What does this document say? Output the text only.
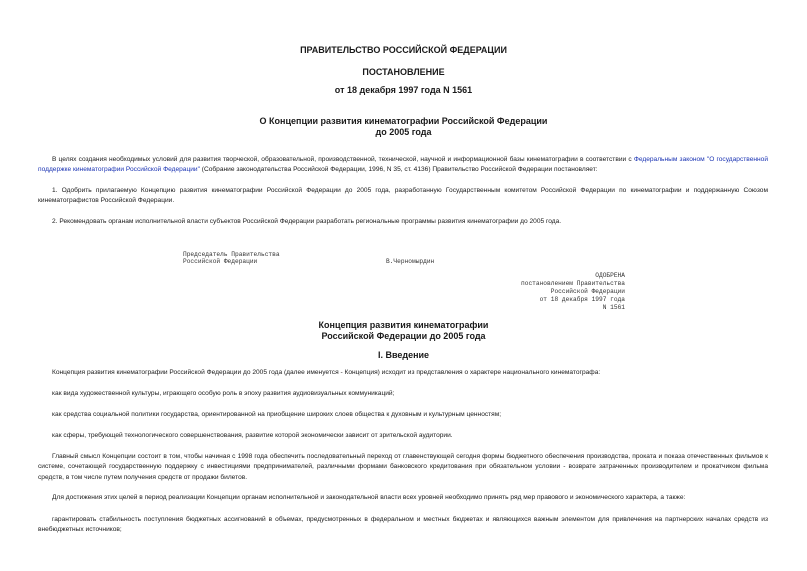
ПРАВИТЕЛЬСТВО РОССИЙСКОЙ ФЕДЕРАЦИИ
ПОСТАНОВЛЕНИЕ
от 18 декабря 1997 года N 1561
О Концепции развития кинематографии Российской Федерации
до 2005 года
В целях создания необходимых условий для развития творческой, образовательной, производственной, технической, научной и информационной базы кинематографии в соответствии с Федеральным законом "О государственной поддержке кинематографии Российской Федерации" (Собрание законодательства Российской Федерации, 1996, N 35, ст. 4136) Правительство Российской Федерации постановляет:
1. Одобрить прилагаемую Концепцию развития кинематографии Российской Федерации до 2005 года, разработанную Государственным комитетом Российской Федерации по кинематографии и поддержанную Союзом кинематографистов Российской Федерации.
2. Рекомендовать органам исполнительной власти субъектов Российской Федерации разработать региональные программы развития кинематографии до 2005 года.
Председатель Правительства
Российской Федерации	В.Черномырдин
ОДОБРЕНА
постановлением Правительства
Российской Федерации
от 18 декабря 1997 года
N 1561
Концепция развития кинематографии
Российской Федерации до 2005 года
I. Введение
Концепция развития кинематографии Российской Федерации до 2005 года (далее именуется - Концепция) исходит из представления о характере национального кинематографа:
как вида художественной культуры, играющего особую роль в эпоху развития аудиовизуальных коммуникаций;
как средства социальной политики государства, ориентированной на приобщение широких слоев общества к духовным и культурным ценностям;
как сферы, требующей технологического совершенствования, развитие которой экономически зависит от зрительской аудитории.
Главный смысл Концепции состоит в том, чтобы начиная с 1998 года обеспечить последовательный переход от главенствующей сегодня формы бюджетного обеспечения производства, проката и показа отечественных фильмов к системе, сочетающей государственную поддержку с инвестициями предпринимателей, различными формами банковского кредитования при обязательном условии - возврате затраченных производителем и прокатчиком фильма средств, в том числе путем получения средств от продажи билетов.
Для достижения этих целей в период реализации Концепции органам исполнительной и законодательной власти всех уровней необходимо принять ряд мер правового и экономического характера, а также:
гарантировать стабильность поступления бюджетных ассигнований в объемах, предусмотренных в федеральном и местных бюджетах и являющихся важным элементом для привлечения на партнерских началах средств из внебюджетных источников;
